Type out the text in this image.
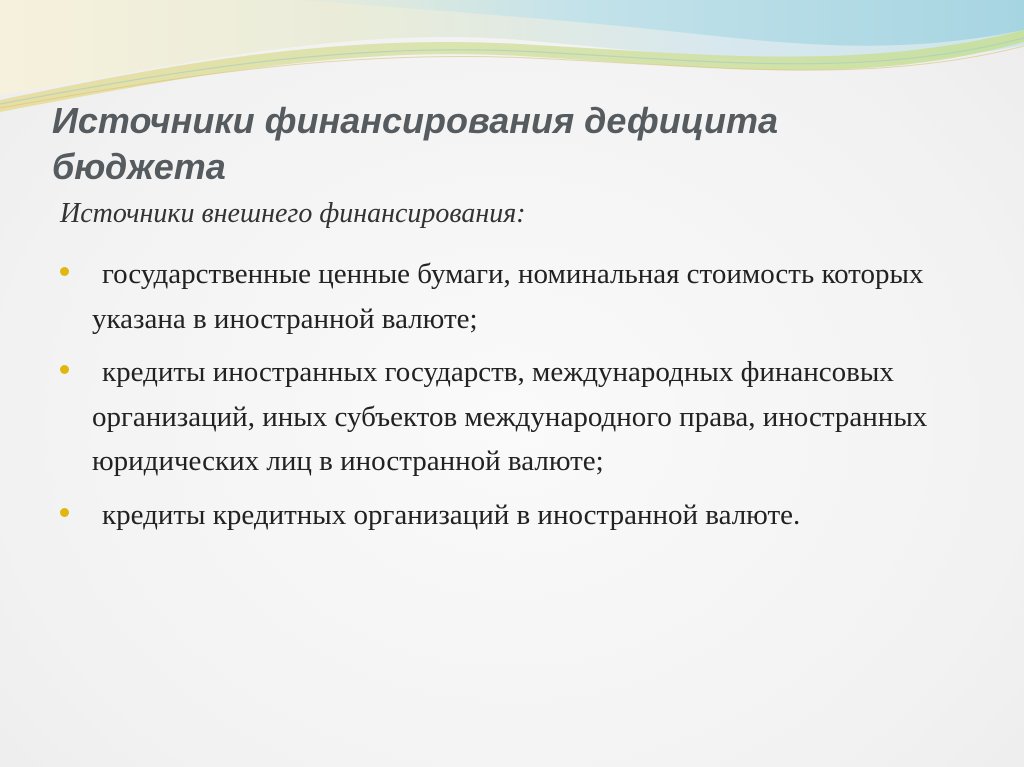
Источники финансирования дефицита бюджета

Источники внешнего финансирования:

государственные ценные бумаги, номинальная стоимость которых указана в иностранной валюте;
кредиты иностранных государств, международных финансовых организаций, иных субъектов международного права, иностранных юридических лиц в иностранной валюте;
кредиты кредитных организаций в иностранной валюте.
